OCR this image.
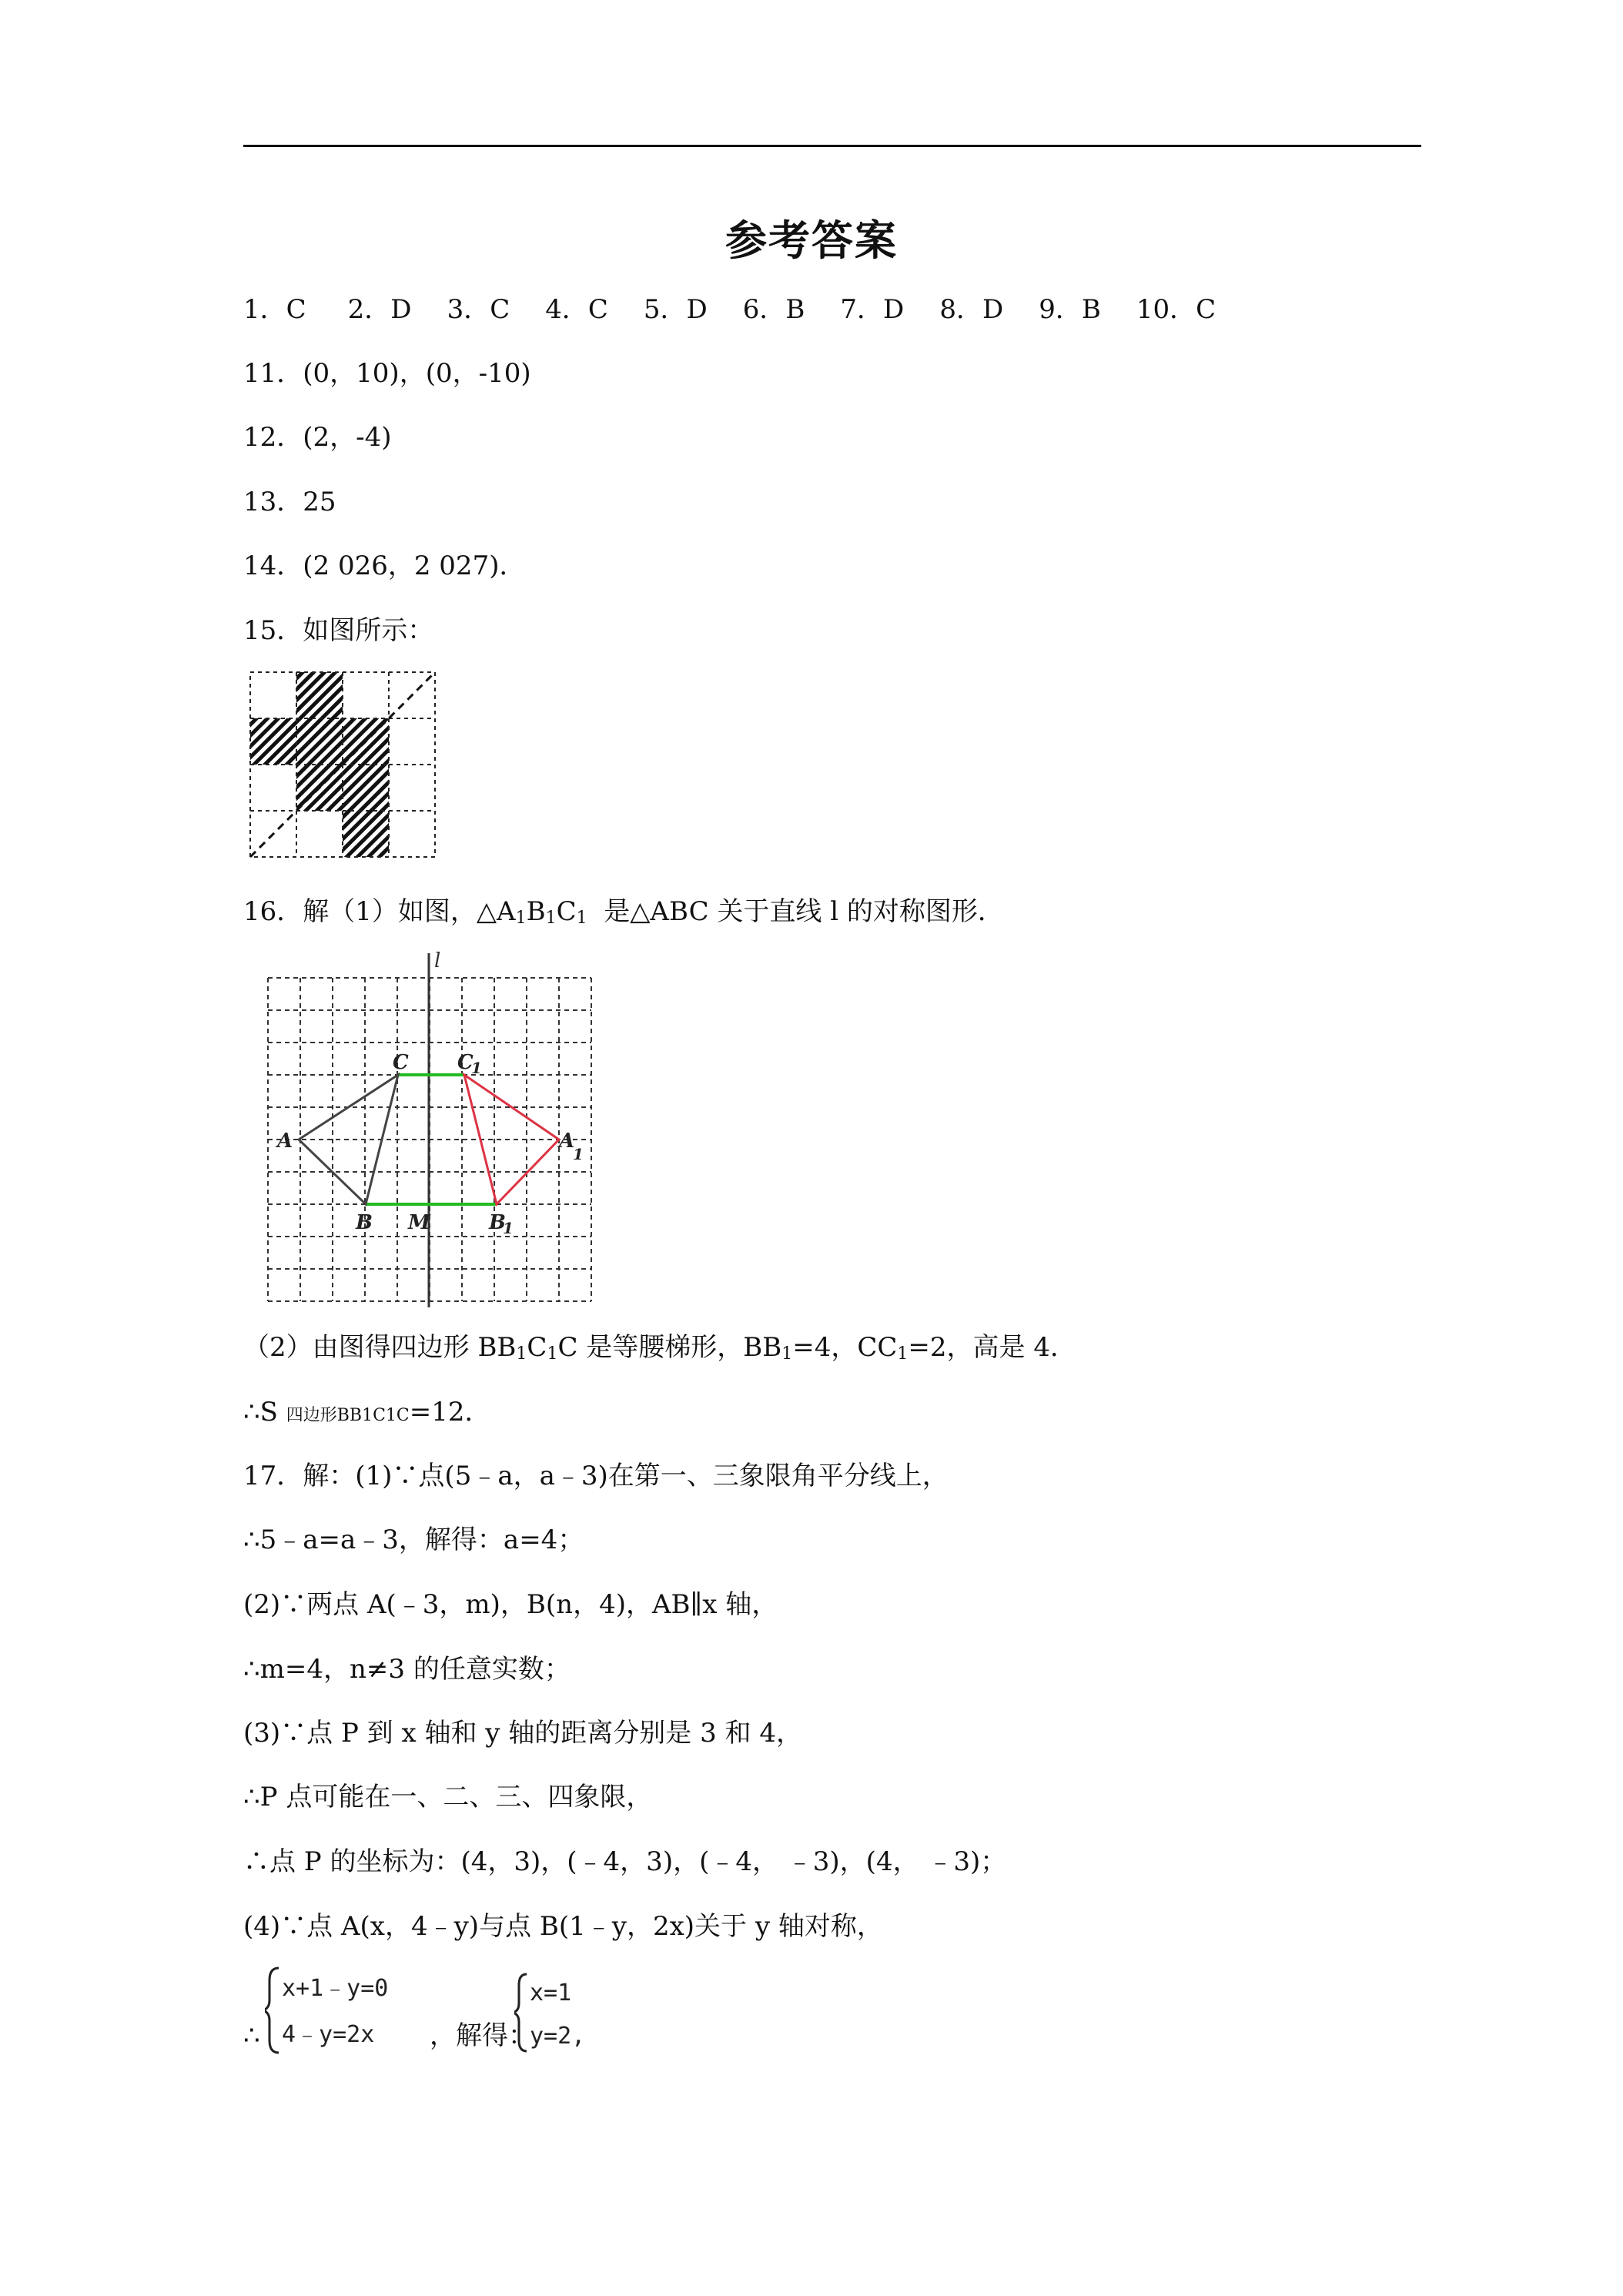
参考答案
1．C 2．D 3．C 4．C 5．D 6．B 7．D 8．D 9．B 10．C
11．(0，10)，(0，-10)
12．(2，-4)
13．25
14．(2 026，2 027)．
15．如图所示：
16．解（1）如图，$\triangle A_1B_1C_1$ 是△ABC 关于直线 l 的对称图形．
l
C C
1
A	A
1
B M	B
1
（2）由图得四边形 $BB_1C_1C$ 是等腰梯形，$BB_1=4$，$CC_1=2$，高是 4．
∴S 四边形BB1C1C=12．
17．解：(1)∵点(5﹣a，a﹣3)在第一、三象限角平分线上，
∴5﹣a=a﹣3，解得：a=4；
(2)∵两点 A(﹣3，m)，B(n，4)，AB∥x 轴，
∴m=4，n≠3 的任意实数；
(3)∵点 P 到 x 轴和 y 轴的距离分别是 3 和 4，
∴P 点可能在一、二、三、四象限，
∴点 P 的坐标为：(4，3)，(﹣4，3)，(﹣4， ﹣3)，(4， ﹣3)；
(4)∵点 A(x，4﹣y)与点 B(1﹣y，2x)关于 y 轴对称，
∴
x+1﹣y=0
4﹣y=2x ，解得：
x=1
y=2,
